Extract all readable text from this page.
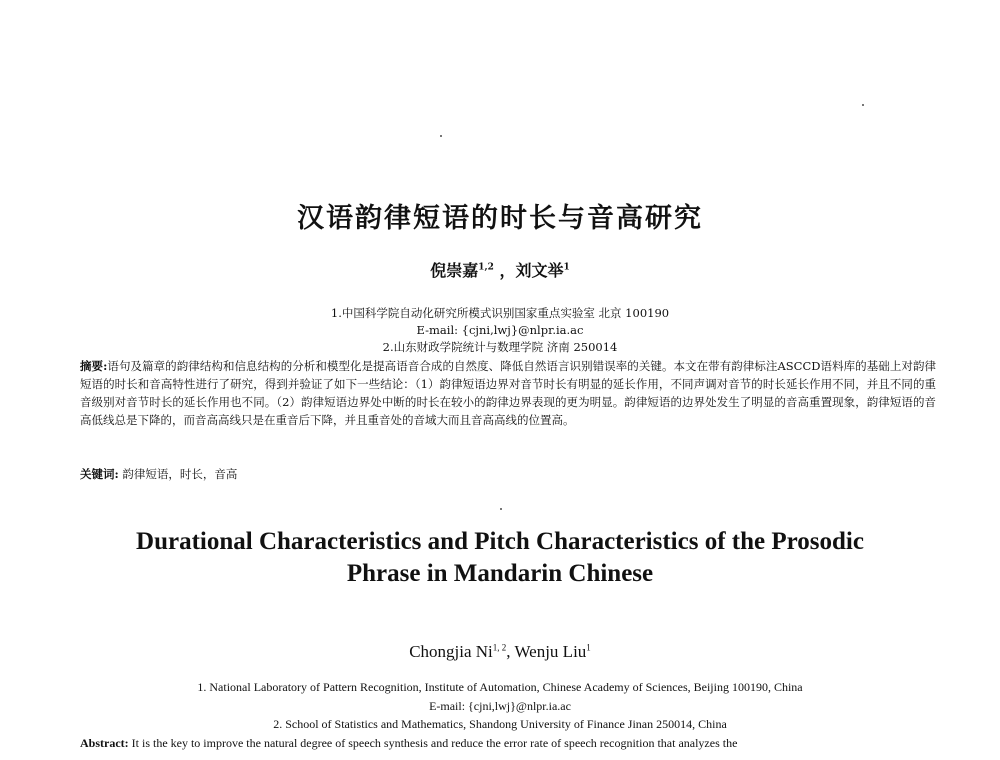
汉语韵律短语的时长与音高研究
倪崇嘉$^{1,2}$ ，刘文举$^1$
1.中国科学院自动化研究所模式识别国家重点实验室 北京 100190
E-mail: {cjni,lwj}@nlpr.ia.ac
2.山东财政学院统计与数理学院 济南 250014
摘要:语句及篇章的韵律结构和信息结构的分析和模型化是提高语音合成的自然度、降低自然语言识别错误率的关键。本文在带有韵律标注ASCCD语料库的基础上对韵律短语的时长和音高特性进行了研究，得到并验证了如下一些结论：（1）韵律短语边界对音节时长有明显的延长作用，不同声调对音节的时长延长作用不同，并且不同的重音级别对音节时长的延长作用也不同。（2）韵律短语边界处中断的时长在较小的韵律边界表现的更为明显。韵律短语的边界处发生了明显的音高重置现象，韵律短语的音高低线总是下降的，而音高高线只是在重音后下降，并且重音处的音域大而且音高高线的位置高。
关键词: 韵律短语，时长，音高
Durational Characteristics and Pitch Characteristics of the Prosodic
Phrase in Mandarin Chinese
Chongjia Ni$^{1, 2}$, Wenju Liu$^1$
1. National Laboratory of Pattern Recognition, Institute of Automation, Chinese Academy of Sciences, Beijing 100190, China
E-mail: {cjni,lwj}@nlpr.ia.ac
2. School of Statistics and Mathematics, Shandong University of Finance Jinan 250014, China
Abstract: It is the key to improve the natural degree of speech synthesis and reduce the error rate of speech recognition that analyzes the
